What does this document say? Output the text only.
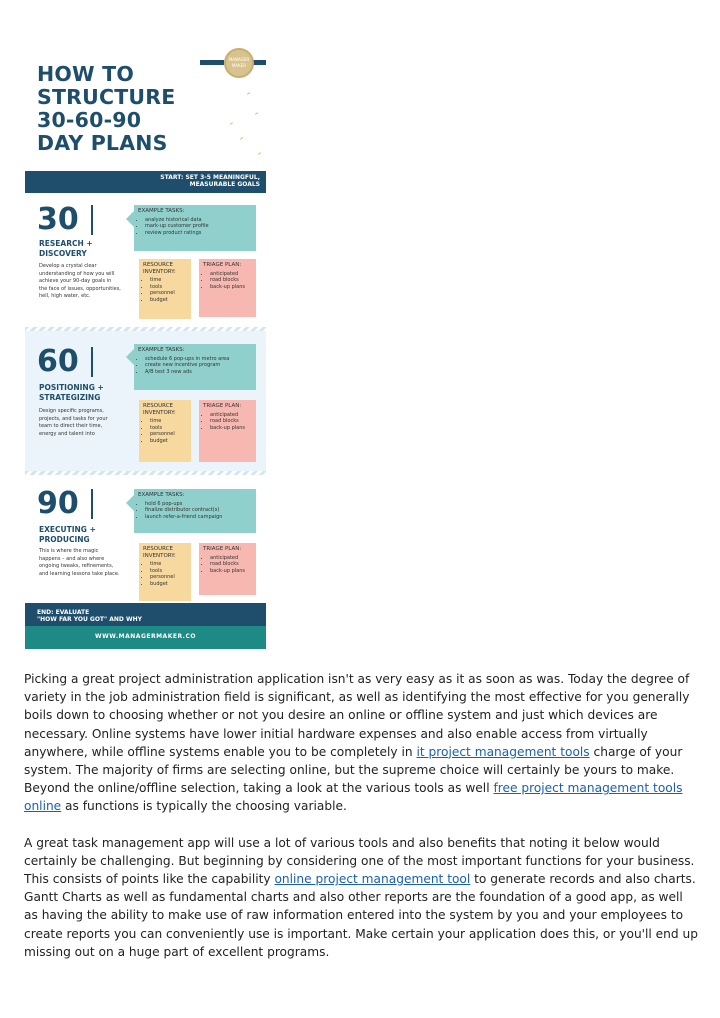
MANAGER MAKER
HOW TO
STRUCTURE
30-60-90
DAY PLANS
START: SET 3-5 MEANINGFUL,
MEASURABLE GOALS
30
RESEARCH +
DISCOVERY
Develop a crystal clear understanding of how you will achieve your 90-day goals in the face of issues, opportunities, hell, high water, etc.
EXAMPLE TASKS:
• analyze historical data
• mark-up customer profile
• review product ratings
RESOURCE INVENTORY:
• time
• tools
• personnel
• budget
TRIAGE PLAN:
• anticipated
• road blocks
• back-up plans
60
POSITIONING +
STRATEGIZING
Design specific programs, projects, and tasks for your team to direct their time, energy and talent into
EXAMPLE TASKS:
• schedule 6 pop-ups in metro area
• create new incentive program
• A/B test 3 new ads
RESOURCE INVENTORY:
• time
• tools
• personnel
• budget
TRIAGE PLAN:
• anticipated
• road blocks
• back-up plans
90
EXECUTING +
PRODUCING
This is where the magic happens – and also where ongoing tweaks, refinements, and learning lessons take place.
EXAMPLE TASKS:
• hold 6 pop-ups
• finalize distributor contract(s)
• launch refer-a-friend campaign
RESOURCE INVENTORY:
• time
• tools
• personnel
• budget
TRIAGE PLAN:
• anticipated
• road blocks
• back-up plans
END: EVALUATE
"HOW FAR YOU GOT" AND WHY
WWW.MANAGERMAKER.CO

Picking a great project administration application isn't as very easy as it as soon as was. Today the degree of variety in the job administration field is significant, as well as identifying the most effective for you generally boils down to choosing whether or not you desire an online or offline system and just which devices are necessary. Online systems have lower initial hardware expenses and also enable access from virtually anywhere, while offline systems enable you to be completely in it project management tools charge of your system. The majority of firms are selecting online, but the supreme choice will certainly be yours to make. Beyond the online/offline selection, taking a look at the various tools as well free project management tools online as functions is typically the choosing variable.

A great task management app will use a lot of various tools and also benefits that noting it below would certainly be challenging. But beginning by considering one of the most important functions for your business. This consists of points like the capability online project management tool to generate records and also charts. Gantt Charts as well as fundamental charts and also other reports are the foundation of a good app, as well as having the ability to make use of raw information entered into the system by you and your employees to create reports you can conveniently use is important. Make certain your application does this, or you'll end up missing out on a huge part of excellent programs.
